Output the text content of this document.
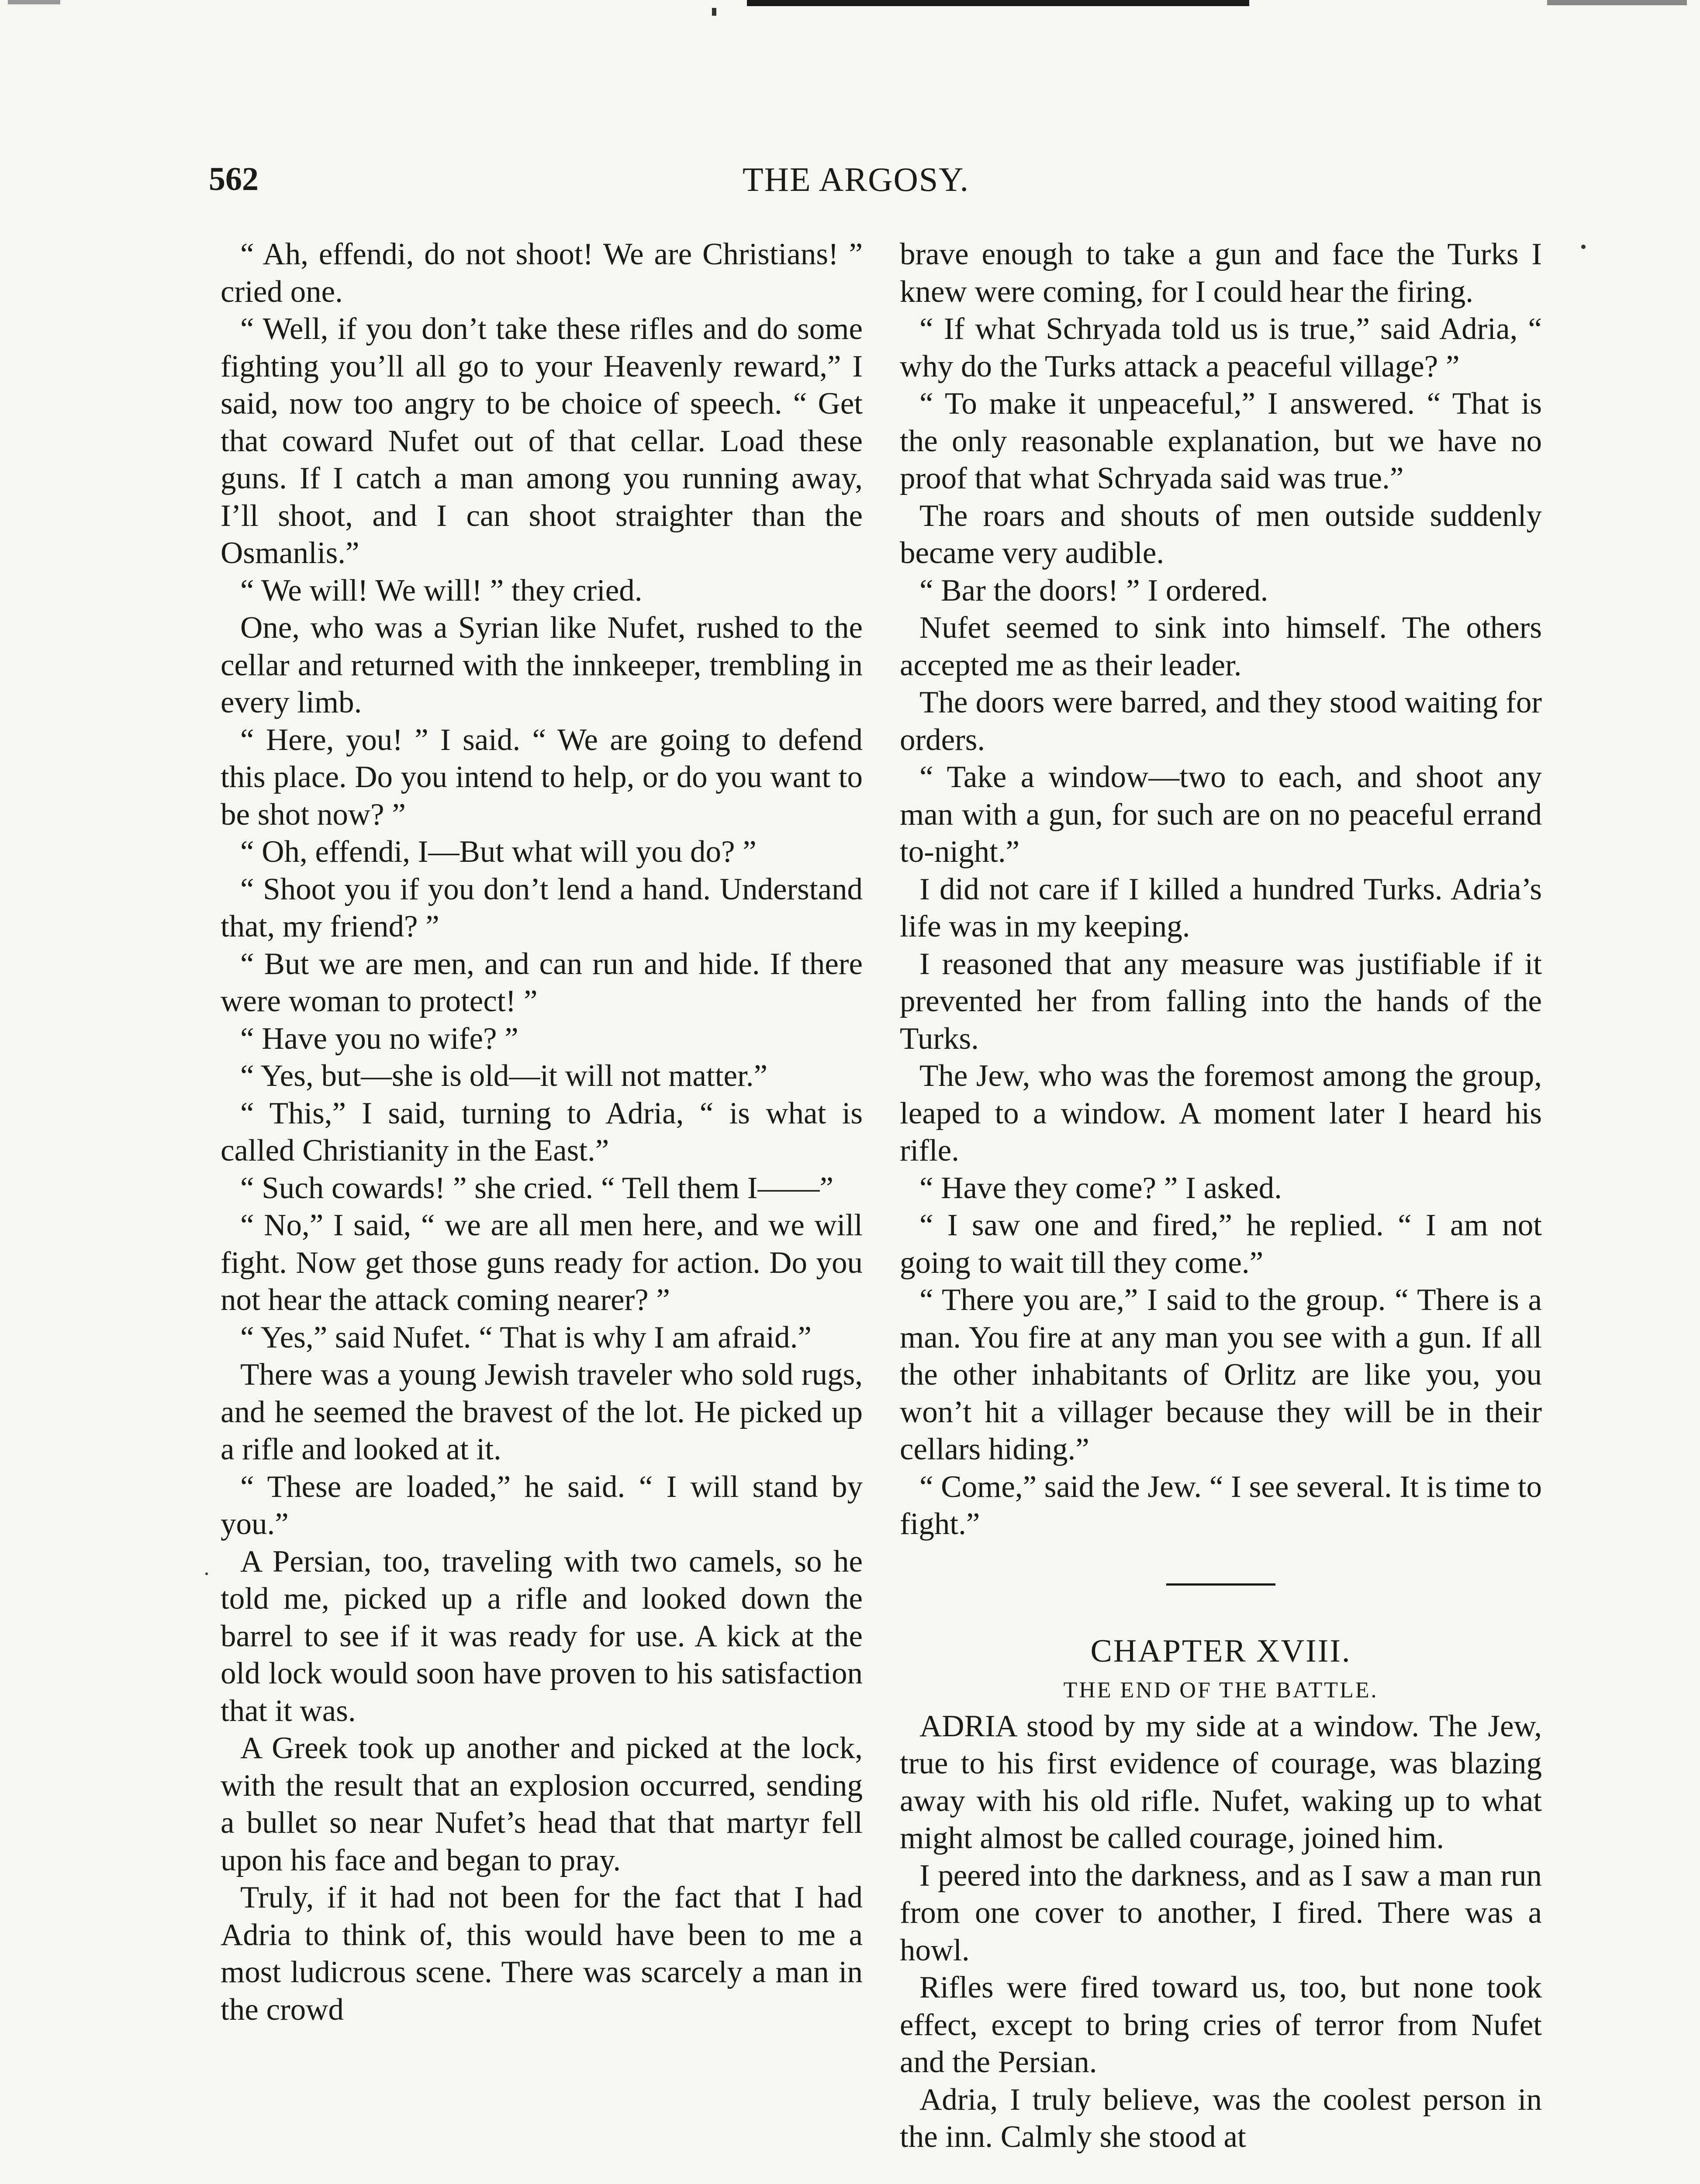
562	THE ARGOSY.

“ Ah, effendi, do not shoot! We are Christians! ” cried one.

“ Well, if you don’t take these rifles and do some fighting you’ll all go to your Heavenly reward,” I said, now too angry to be choice of speech. “ Get that coward Nufet out of that cellar. Load these guns. If I catch a man among you running away, I’ll shoot, and I can shoot straighter than the Osmanlis.”

“ We will! We will! ” they cried.

One, who was a Syrian like Nufet, rushed to the cellar and returned with the innkeeper, trembling in every limb.

“ Here, you! ” I said. “ We are going to defend this place. Do you intend to help, or do you want to be shot now? ”

“ Oh, effendi, I—But what will you do? ”

“ Shoot you if you don’t lend a hand. Understand that, my friend? ”

“ But we are men, and can run and hide. If there were woman to protect! ”

“ Have you no wife? ”

“ Yes, but—she is old—it will not matter.”

“ This,” I said, turning to Adria, “ is what is called Christianity in the East.”

“ Such cowards! ” she cried. “ Tell them I——”

“ No,” I said, “ we are all men here, and we will fight. Now get those guns ready for action. Do you not hear the attack coming nearer? ”

“ Yes,” said Nufet. “ That is why I am afraid.”

There was a young Jewish traveler who sold rugs, and he seemed the bravest of the lot. He picked up a rifle and looked at it.

“ These are loaded,” he said. “ I will stand by you.”

A Persian, too, traveling with two camels, so he told me, picked up a rifle and looked down the barrel to see if it was ready for use. A kick at the old lock would soon have proven to his satisfaction that it was.

A Greek took up another and picked at the lock, with the result that an explosion occurred, sending a bullet so near Nufet’s head that that martyr fell upon his face and began to pray.

Truly, if it had not been for the fact that I had Adria to think of, this would have been to me a most ludicrous scene. There was scarcely a man in the crowd

brave enough to take a gun and face the Turks I knew were coming, for I could hear the firing.

“ If what Schryada told us is true,” said Adria, “ why do the Turks attack a peaceful village? ”

“ To make it unpeaceful,” I answered. “ That is the only reasonable explanation, but we have no proof that what Schryada said was true.”

The roars and shouts of men outside suddenly became very audible.

“ Bar the doors! ” I ordered.

Nufet seemed to sink into himself. The others accepted me as their leader.

The doors were barred, and they stood waiting for orders.

“ Take a window—two to each, and shoot any man with a gun, for such are on no peaceful errand to-night.”

I did not care if I killed a hundred Turks. Adria’s life was in my keeping.

I reasoned that any measure was justifiable if it prevented her from falling into the hands of the Turks.

The Jew, who was the foremost among the group, leaped to a window. A moment later I heard his rifle.

“ Have they come? ” I asked.

“ I saw one and fired,” he replied. “ I am not going to wait till they come.”

“ There you are,” I said to the group. “ There is a man. You fire at any man you see with a gun. If all the other inhabitants of Orlitz are like you, you won’t hit a villager because they will be in their cellars hiding.”

“ Come,” said the Jew. “ I see several. It is time to fight.”

CHAPTER XVIII.

THE END OF THE BATTLE.

ADRIA stood by my side at a window. The Jew, true to his first evidence of courage, was blazing away with his old rifle. Nufet, waking up to what might almost be called courage, joined him.

I peered into the darkness, and as I saw a man run from one cover to another, I fired. There was a howl.

Rifles were fired toward us, too, but none took effect, except to bring cries of terror from Nufet and the Persian.

Adria, I truly believe, was the coolest person in the inn. Calmly she stood at
